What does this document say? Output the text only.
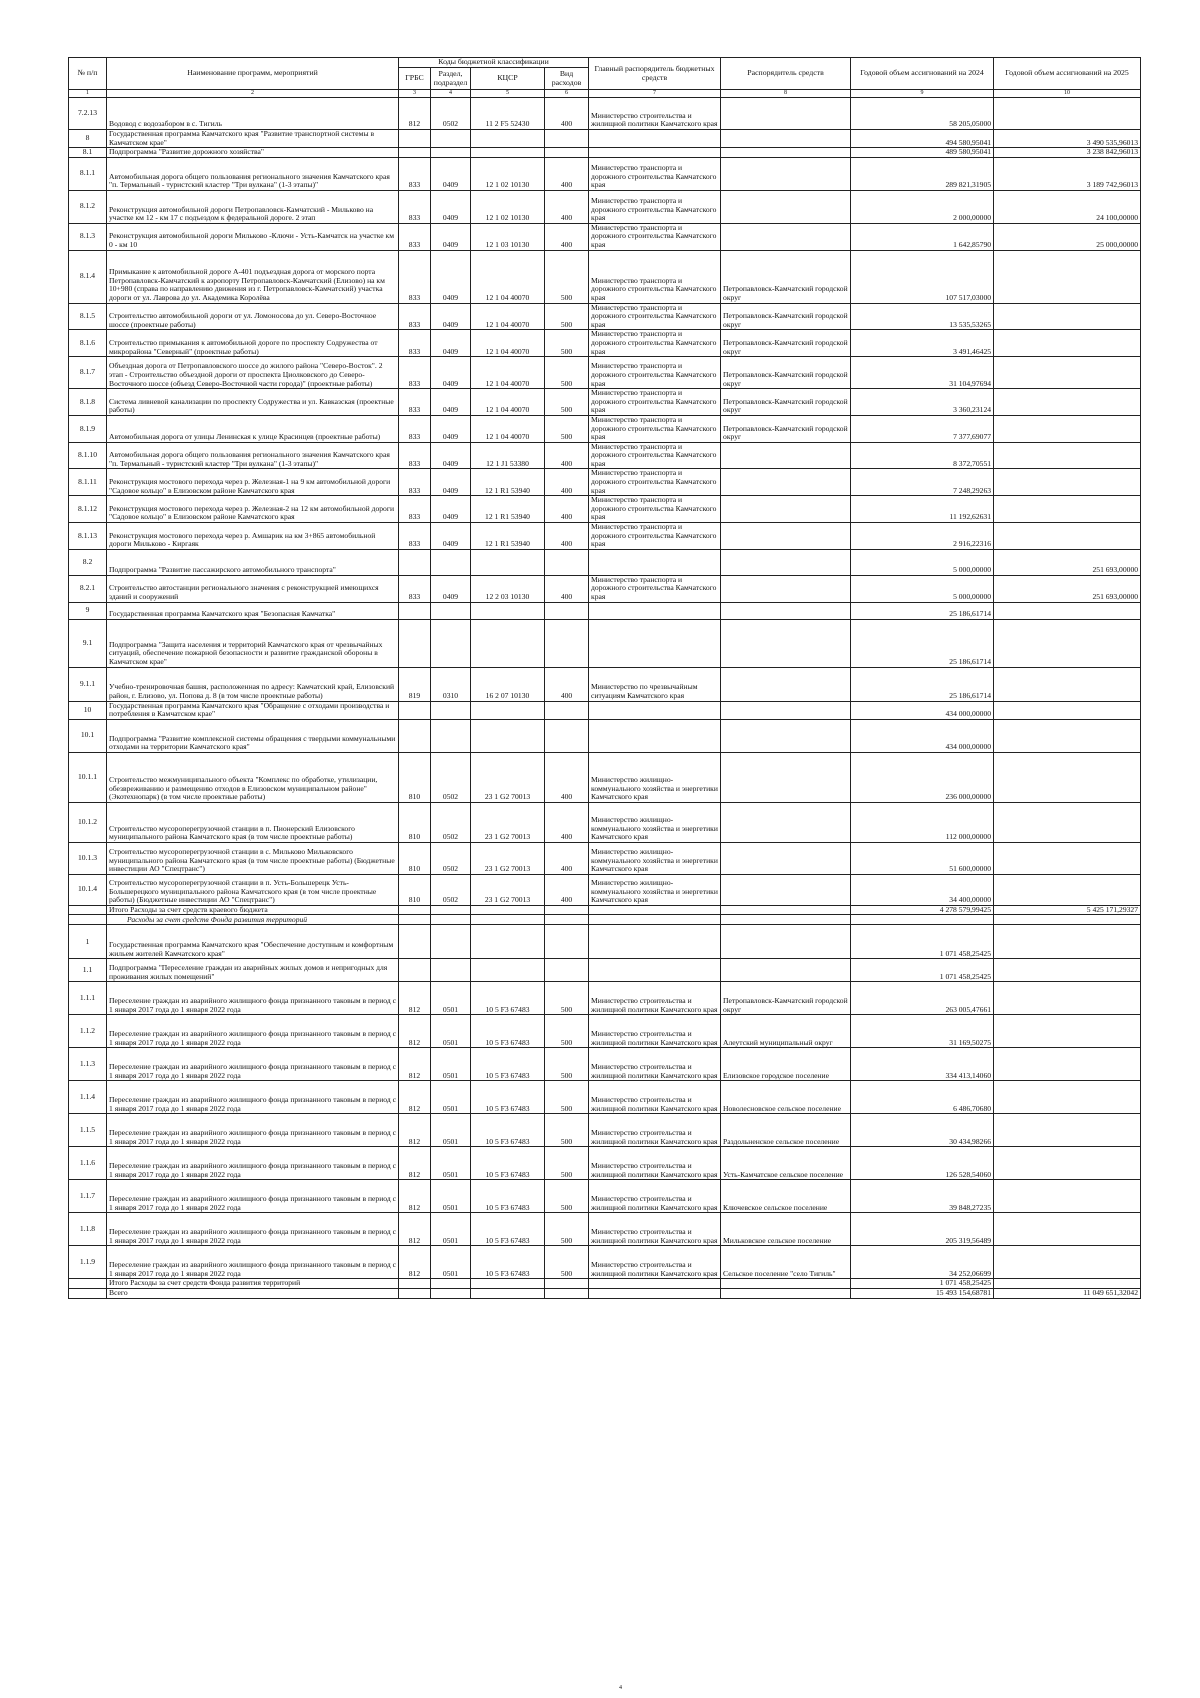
№ п/п	Наименование программ, мероприятий	Коды бюджетной классификации				Главный распорядитель бюджетных средств	Распорядитель средств	Годовой объем ассигнований на 2024	Годовой объем ассигнований на 2025
		ГРБС	Раздел, подраздел	КЦСР	Вид расходов				
1	2	3	4	5	6	7	8	9	10
7.2.13	Водовод с водозабором в с. Тигиль	812	0502	11 2 F5 52430	400	Министерство строительства и жилищной политики Камчатского края		58 205,05000	
8	Государственная программа Камчатского края "Развитие транспортной системы в Камчатском крае"							494 580,95041	3 490 535,96013
8.1	Подпрограмма "Развитие дорожного хозяйства"							489 580,95041	3 238 842,96013
8.1.1	Автомобильная дорога общего пользования регионального значения Камчатского края "п. Термальный - туристский кластер "Три вулкана" (1-3 этапы)"	833	0409	12 1 02 10130	400	Министерство транспорта и дорожного строительства Камчатского края		289 821,31905	3 189 742,96013
8.1.2	Реконструкция автомобильной дороги Петропавловск-Камчатский - Мильково на участке км 12 - км 17 с подъездом к федеральной дороге. 2 этап	833	0409	12 1 02 10130	400	Министерство транспорта и дорожного строительства Камчатского края		2 000,00000	24 100,00000
8.1.3	Реконструкция автомобильной дороги Мильково -Ключи - Усть-Камчатск на участке км 0 - км 10	833	0409	12 1 03 10130	400	Министерство транспорта и дорожного строительства Камчатского края		1 642,85790	25 000,00000
8.1.4	Примыкание к автомобильной дороге А-401 подъездная дорога от морского порта Петропавловск-Камчатский к аэропорту Петропавловск-Камчатский (Елизово) на км 10+980 (справа по направлению движения из г. Петропавловск-Камчатский) участка дороги от ул. Лаврова до ул. Академика Королёва	833	0409	12 1 04 40070	500	Министерство транспорта и дорожного строительства Камчатского края	Петропавловск-Камчатский городской округ	107 517,03000	
8.1.5	Строительство автомобильной дороги от ул. Ломоносова до ул. Северо-Восточное шоссе (проектные работы)	833	0409	12 1 04 40070	500	Министерство транспорта и дорожного строительства Камчатского края	Петропавловск-Камчатский городской округ	13 535,53265	
8.1.6	Строительство примыкания к автомобильной дороге по проспекту Содружества от микрорайона "Северный" (проектные работы)	833	0409	12 1 04 40070	500	Министерство транспорта и дорожного строительства Камчатского края	Петропавловск-Камчатский городской округ	3 491,46425	
8.1.7	Объездная дорога от Петропавловского шоссе до жилого района "Северо-Восток". 2 этап - Строительство объездной дороги от проспекта Циолковского до Северо-Восточного шоссе (объезд Северо-Восточной части города)" (проектные работы)	833	0409	12 1 04 40070	500	Министерство транспорта и дорожного строительства Камчатского края	Петропавловск-Камчатский городской округ	31 104,97694	
8.1.8	Система ливневой канализации по проспекту Содружества и ул. Кавказская (проектные работы)	833	0409	12 1 04 40070	500	Министерство транспорта и дорожного строительства Камчатского края	Петропавловск-Камчатский городской округ	3 360,23124	
8.1.9	Автомобильная дорога от улицы Ленинская к улице Красинцев (проектные работы)	833	0409	12 1 04 40070	500	Министерство транспорта и дорожного строительства Камчатского края	Петропавловск-Камчатский городской округ	7 377,69077	
8.1.10	Автомобильная дорога общего пользования регионального значения Камчатского края "п. Термальный - туристский кластер "Три вулкана" (1-3 этапы)"	833	0409	12 1 J1 53380	400	Министерство транспорта и дорожного строительства Камчатского края		8 372,70551	
8.1.11	Реконструкция мостового перехода через р. Железная-1 на 9 км автомобильной дороги "Садовое кольцо" в Елизовском районе Камчатского края	833	0409	12 1 R1 53940	400	Министерство транспорта и дорожного строительства Камчатского края		7 248,29263	
8.1.12	Реконструкция мостового перехода через р. Железная-2 на 12 км автомобильной дороги "Садовое кольцо" в Елизовском районе Камчатского края	833	0409	12 1 R1 53940	400	Министерство транспорта и дорожного строительства Камчатского края		11 192,62631	
8.1.13	Реконструкция мостового перехода через р. Амшарик на км 3+865 автомобильной дороги Мильково - Киргаяк	833	0409	12 1 R1 53940	400	Министерство транспорта и дорожного строительства Камчатского края		2 916,22316	
8.2	Подпрограмма "Развитие пассажирского автомобильного транспорта"							5 000,00000	251 693,00000
8.2.1	Строительство автостанции регионального значения с реконструкцией имеющихся зданий и сооружений	833	0409	12 2 03 10130	400	Министерство транспорта и дорожного строительства Камчатского края		5 000,00000	251 693,00000
9	Государственная программа Камчатского края "Безопасная Камчатка"							25 186,61714	
9.1	Подпрограмма "Защита населения и территорий Камчатского края от чрезвычайных ситуаций, обеспечение пожарной безопасности и развитие гражданской обороны в Камчатском крае"							25 186,61714	
9.1.1	Учебно-тренировочная башня, расположенная по адресу: Камчатский край, Елизовский район, г. Елизово, ул. Попова д. 8 (в том числе проектные работы)	819	0310	16 2 07 10130	400	Министерство по чрезвычайным ситуациям Камчатского края		25 186,61714	
10	Государственная программа Камчатского края "Обращение с отходами производства и потребления в Камчатском крае"							434 000,00000	
10.1	Подпрограмма "Развитие комплексной системы обращения с твердыми коммунальными отходами на территории Камчатского края"							434 000,00000	
10.1.1	Строительство межмуниципального объекта "Комплекс по обработке, утилизации, обезвреживанию и размещению отходов в Елизовском муниципальном районе" (Экотехнопарк) (в том числе проектные работы)	810	0502	23 1 G2 70013	400	Министерство жилищно-коммунального хозяйства и энергетики Камчатского края		236 000,00000	
10.1.2	Строительство мусороперегрузочной станции в п. Пионерский Елизовского муниципального района Камчатского края (в том числе проектные работы)	810	0502	23 1 G2 70013	400	Министерство жилищно-коммунального хозяйства и энергетики Камчатского края		112 000,00000	
10.1.3	Строительство мусороперегрузочной станции в с. Мильково Мильковского муниципального района Камчатского края (в том числе проектные работы) (Бюджетные инвестиции АО "Спецтранс")	810	0502	23 1 G2 70013	400	Министерство жилищно-коммунального хозяйства и энергетики Камчатского края		51 600,00000	
10.1.4	Строительство мусороперегрузочной станции в п. Усть-Большерецк Усть-Большерецкого муниципального района Камчатского края (в том числе проектные работы) (Бюджетные инвестиции АО "Спецтранс")	810	0502	23 1 G2 70013	400	Министерство жилищно-коммунального хозяйства и энергетики Камчатского края		34 400,00000	
	Итого Расходы за счет средств краевого бюджета							4 278 579,99425	5 425 171,29327
	Расходы за счет средств Фонда развития территорий								
1	Государственная программа Камчатского края "Обеспечение доступным и комфортным жильем жителей Камчатского края"							1 071 458,25425	
1.1	Подпрограмма "Переселение граждан из аварийных жилых домов и непригодных для проживания жилых помещений"							1 071 458,25425	
1.1.1	Переселение граждан из аварийного жилищного фонда признанного таковым в период с 1 января 2017 года до 1 января 2022 года	812	0501	10 5 F3 67483	500	Министерство строительства и жилищной политики Камчатского края	Петропавловск-Камчатский городской округ	263 005,47661	
1.1.2	Переселение граждан из аварийного жилищного фонда признанного таковым в период с 1 января 2017 года до 1 января 2022 года	812	0501	10 5 F3 67483	500	Министерство строительства и жилищной политики Камчатского края	Алеутский муниципальный округ	31 169,50275	
1.1.3	Переселение граждан из аварийного жилищного фонда признанного таковым в период с 1 января 2017 года до 1 января 2022 года	812	0501	10 5 F3 67483	500	Министерство строительства и жилищной политики Камчатского края	Елизовское городское поселение	334 413,14060	
1.1.4	Переселение граждан из аварийного жилищного фонда признанного таковым в период с 1 января 2017 года до 1 января 2022 года	812	0501	10 5 F3 67483	500	Министерство строительства и жилищной политики Камчатского края	Новолесновское сельское поселение	6 486,70680	
1.1.5	Переселение граждан из аварийного жилищного фонда признанного таковым в период с 1 января 2017 года до 1 января 2022 года	812	0501	10 5 F3 67483	500	Министерство строительства и жилищной политики Камчатского края	Раздольненское сельское поселение	30 434,98266	
1.1.6	Переселение граждан из аварийного жилищного фонда признанного таковым в период с 1 января 2017 года до 1 января 2022 года	812	0501	10 5 F3 67483	500	Министерство строительства и жилищной политики Камчатского края	Усть-Камчатское сельское поселение	126 528,54060	
1.1.7	Переселение граждан из аварийного жилищного фонда признанного таковым в период с 1 января 2017 года до 1 января 2022 года	812	0501	10 5 F3 67483	500	Министерство строительства и жилищной политики Камчатского края	Ключевское сельское поселение	39 848,27235	
1.1.8	Переселение граждан из аварийного жилищного фонда признанного таковым в период с 1 января 2017 года до 1 января 2022 года	812	0501	10 5 F3 67483	500	Министерство строительства и жилищной политики Камчатского края	Мильковское сельское поселение	205 319,56489	
1.1.9	Переселение граждан из аварийного жилищного фонда признанного таковым в период с 1 января 2017 года до 1 января 2022 года	812	0501	10 5 F3 67483	500	Министерство строительства и жилищной политики Камчатского края	Сельское поселение "село Тигиль"	34 252,06699	
	Итого Расходы за счет средств Фонда развития территорий							1 071 458,25425	
	Всего							15 493 154,68781	11 049 651,32042
4
